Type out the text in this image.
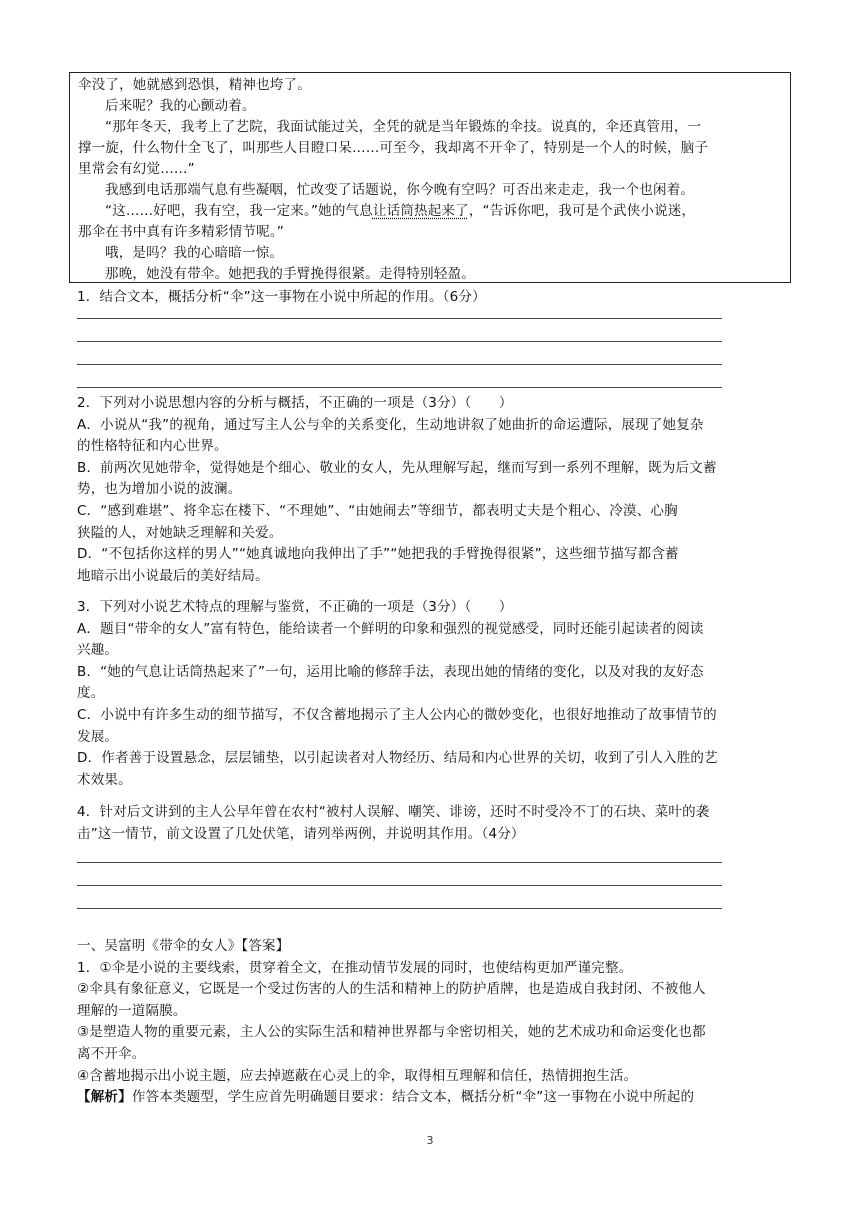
伞没了，她就感到恐惧，精神也垮了。
后来呢？我的心颤动着。
“那年冬天，我考上了艺院，我面试能过关，全凭的就是当年锻炼的伞技。说真的，伞还真管用，一
撑一旋，什么物什全飞了，叫那些人目瞪口呆……可至今，我却离不开伞了，特别是一个人的时候，脑子
里常会有幻觉……”
我感到电话那端气息有些凝咽，忙改变了话题说，你今晚有空吗？可否出来走走，我一个也闲着。
“这……好吧，我有空，我一定来。”她的气息让话筒热起来了，“告诉你吧，我可是个武侠小说迷，
那伞在书中真有许多精彩情节呢。”
哦，是吗？我的心暗暗一惊。
那晚，她没有带伞。她把我的手臂挽得很紧。走得特别轻盈。

1．结合文本，概括分析“伞”这一事物在小说中所起的作用。（6分）

2．下列对小说思想内容的分析与概括，不正确的一项是（3分）（　　）

A．小说从“我”的视角，通过写主人公与伞的关系变化，生动地讲叙了她曲折的命运遭际，展现了她复杂

的性格特征和内心世界。

B．前两次见她带伞，觉得她是个细心、敬业的女人，先从理解写起，继而写到一系列不理解，既为后文蓄

势，也为增加小说的波澜。

C．“感到难堪”、将伞忘在楼下、“不理她”、“由她闹去”等细节，都表明丈夫是个粗心、冷漠、心胸

狭隘的人，对她缺乏理解和关爱。

D．“不包括你这样的男人”“她真诚地向我伸出了手”“她把我的手臂挽得很紧”，这些细节描写都含蓄

地暗示出小说最后的美好结局。

3．下列对小说艺术特点的理解与鉴赏，不正确的一项是（3分）（　　）

A．题目“带伞的女人”富有特色，能给读者一个鲜明的印象和强烈的视觉感受，同时还能引起读者的阅读

兴趣。

B．“她的气息让话筒热起来了”一句，运用比喻的修辞手法，表现出她的情绪的变化，以及对我的友好态

度。

C．小说中有许多生动的细节描写，不仅含蓄地揭示了主人公内心的微妙变化，也很好地推动了故事情节的

发展。

D．作者善于设置悬念，层层铺垫，以引起读者对人物经历、结局和内心世界的关切，收到了引人入胜的艺

术效果。

4．针对后文讲到的主人公早年曾在农村“被村人误解、嘲笑、诽谤，还时不时受冷不丁的石块、菜叶的袭

击”这一情节，前文设置了几处伏笔，请列举两例，并说明其作用。（4分）

一、吴富明《带伞的女人》【答案】

1．①伞是小说的主要线索，贯穿着全文，在推动情节发展的同时，也使结构更加严谨完整。

②伞具有象征意义，它既是一个受过伤害的人的生活和精神上的防护盾牌，也是造成自我封闭、不被他人

理解的一道隔膜。

③是塑造人物的重要元素，主人公的实际生活和精神世界都与伞密切相关，她的艺术成功和命运变化也都

离不开伞。

④含蓄地揭示出小说主题，应去掉遮蔽在心灵上的伞，取得相互理解和信任，热情拥抱生活。

【解析】作答本类题型，学生应首先明确题目要求：结合文本，概括分析“伞”这一事物在小说中所起的

3
